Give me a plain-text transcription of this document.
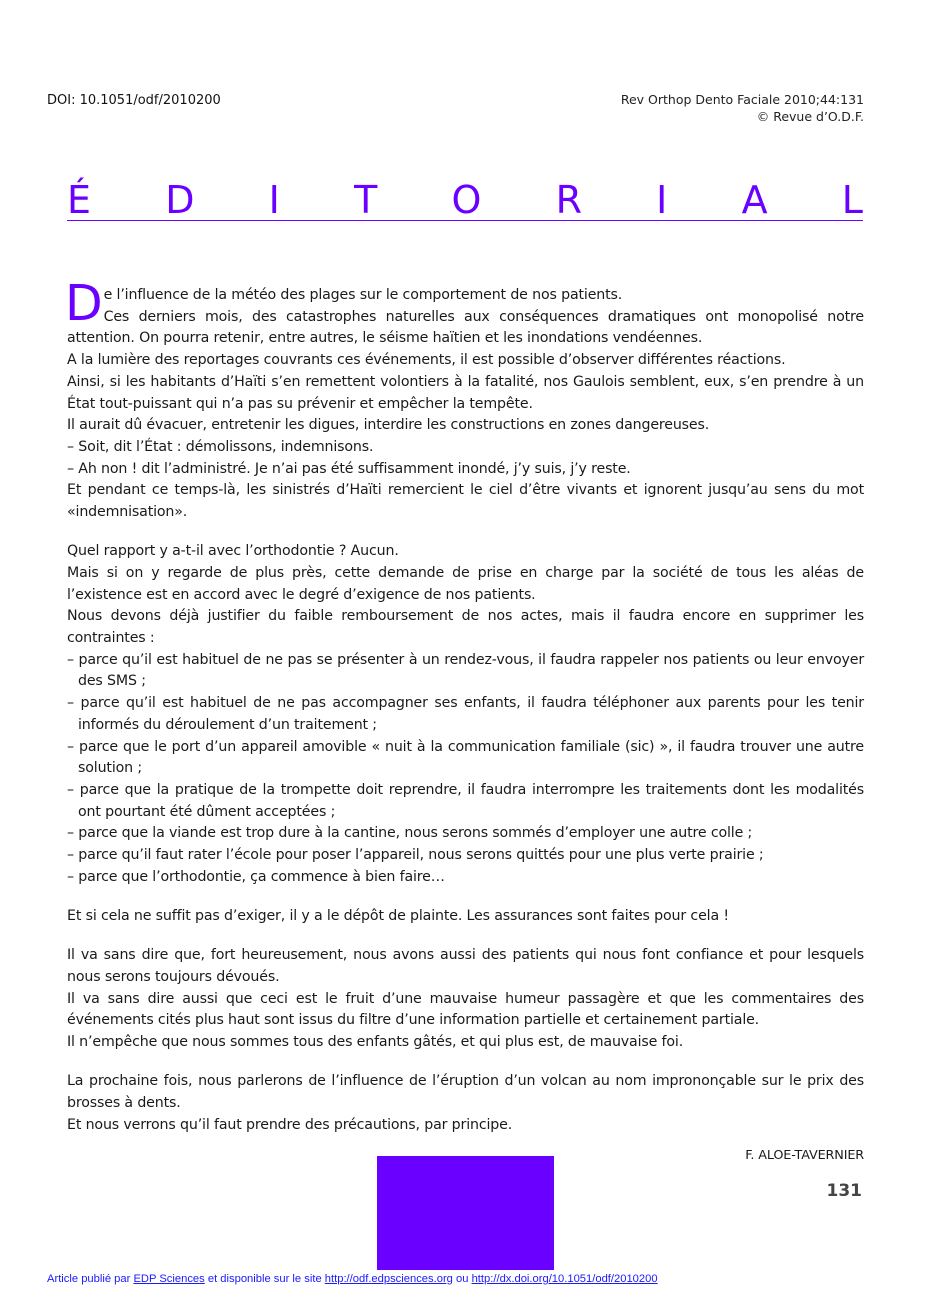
DOI: 10.1051/odf/2010200	Rev Orthop Dento Faciale 2010;44:131
© Revue d’O.D.F.
É D I T O R I A L

De l’influence de la météo des plages sur le comportement de nos patients.

Ces derniers mois, des catastrophes naturelles aux conséquences dramatiques ont monopolisé notre attention. On pourra retenir, entre autres, le séisme haïtien et les inondations vendéennes.

A la lumière des reportages couvrants ces événements, il est possible d’observer différentes réactions.

Ainsi, si les habitants d’Haïti s’en remettent volontiers à la fatalité, nos Gaulois semblent, eux, s’en prendre à un État tout-puissant qui n’a pas su prévenir et empêcher la tempête.

Il aurait dû évacuer, entretenir les digues, interdire les constructions en zones dangereuses.

– Soit, dit l’État : démolissons, indemnisons.

– Ah non ! dit l’administré. Je n’ai pas été suffisamment inondé, j’y suis, j’y reste.

Et pendant ce temps-là, les sinistrés d’Haïti remercient le ciel d’être vivants et ignorent jusqu’au sens du mot «indemnisation».

Quel rapport y a-t-il avec l’orthodontie ? Aucun.

Mais si on y regarde de plus près, cette demande de prise en charge par la société de tous les aléas de l’existence est en accord avec le degré d’exigence de nos patients.

Nous devons déjà justifier du faible remboursement de nos actes, mais il faudra encore en supprimer les contraintes :

– parce qu’il est habituel de ne pas se présenter à un rendez-vous, il faudra rappeler nos patients ou leur envoyer des SMS ;
– parce qu’il est habituel de ne pas accompagner ses enfants, il faudra téléphoner aux parents pour les tenir informés du déroulement d’un traitement ;
– parce que le port d’un appareil amovible « nuit à la communication familiale (sic) », il faudra trouver une autre solution ;
– parce que la pratique de la trompette doit reprendre, il faudra interrompre les traitements dont les modalités ont pourtant été dûment acceptées ;
– parce que la viande est trop dure à la cantine, nous serons sommés d’employer une autre colle ;
– parce qu’il faut rater l’école pour poser l’appareil, nous serons quittés pour une plus verte prairie ;
– parce que l’orthodontie, ça commence à bien faire…

Et si cela ne suffit pas d’exiger, il y a le dépôt de plainte. Les assurances sont faites pour cela !

Il va sans dire que, fort heureusement, nous avons aussi des patients qui nous font confiance et pour lesquels nous serons toujours dévoués.

Il va sans dire aussi que ceci est le fruit d’une mauvaise humeur passagère et que les commentaires des événements cités plus haut sont issus du filtre d’une information partielle et certainement partiale.

Il n’empêche que nous sommes tous des enfants gâtés, et qui plus est, de mauvaise foi.

La prochaine fois, nous parlerons de l’influence de l’éruption d’un volcan au nom imprononçable sur le prix des brosses à dents.

Et nous verrons qu’il faut prendre des précautions, par principe.

F. ALOE-TAVERNIER

131
Article publié par EDP Sciences et disponible sur le site http://odf.edpsciences.org ou http://dx.doi.org/10.1051/odf/2010200
